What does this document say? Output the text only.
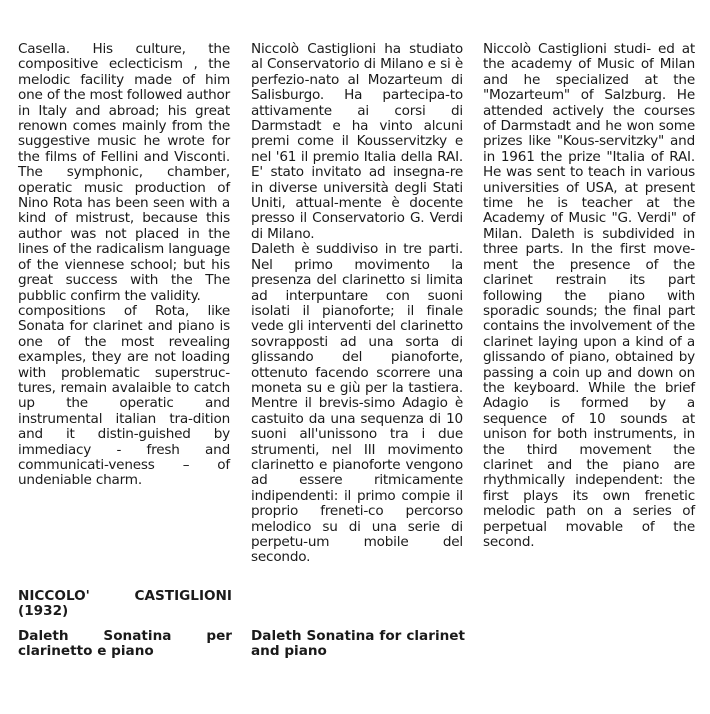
Casella. His culture, the compositive eclecticism , the melodic facility made of him one of the most followed author in Italy and abroad; his great renown comes mainly from the suggestive music he wrote for the films of Fellini and Visconti. The symphonic, chamber, operatic music production of Nino Rota has been seen with a kind of mistrust, because this author was not placed in the lines of the radicalism language of the viennese school; but his great success with the The pubblic confirm the validity.

compositions of Rota, like Sonata for clarinet and piano is one of the most revealing examples, they are not loading with problematic superstruc-tures, remain avalaible to catch up the operatic and instrumental italian tra-dition and it distin-guished by immediacy - fresh and communicati-veness – of undeniable charm.

NICCOLO' CASTIGLIONI (1932)
Daleth Sonatina per clarinetto e piano

Niccolò Castiglioni ha studiato al Conservatorio di Milano e si è perfezio-nato al Mozarteum di Salisburgo. Ha partecipa-to attivamente ai corsi di Darmstadt e ha vinto alcuni premi come il Kousservitzky e nel '61 il premio Italia della RAI. E' stato invitato ad insegna-re in diverse università degli Stati Uniti, attual-mente è docente presso il Conservatorio G. Verdi di Milano.

Daleth è suddiviso in tre parti. Nel primo movimento la presenza del clarinetto si limita ad interpuntare con suoni isolati il pianoforte; il finale vede gli interventi del clarinetto sovrapposti ad una sorta di glissando del pianoforte, ottenuto facendo scorrere una moneta su e giù per la tastiera. Mentre il brevis-simo Adagio è castuito da una sequenza di 10 suoni all'unissono tra i due strumenti, nel III movimento clarinetto e pianoforte vengono ad essere ritmicamente indipendenti: il primo compie il proprio freneti-co percorso melodico su di una serie di perpetu-um mobile del secondo.

Daleth Sonatina for clarinet and piano

Niccolò Castiglioni studi- ed at the academy of Music of Milan and he specialized at the "Mozarteum" of Salzburg. He attended actively the courses of Darmstadt and he won some prizes like "Kous-servitzky" and in 1961 the prize "Italia of RAI. He was sent to teach in various universities of USA, at present time he is teacher at the Academy of Music "G. Verdi" of Milan. Daleth is subdivided in three parts. In the first move-ment the presence of the clarinet restrain its part following the piano with sporadic sounds; the final part contains the involvement of the clarinet laying upon a kind of a glissando of piano, obtained by passing a coin up and down on the keyboard. While the brief Adagio is formed by a sequence of 10 sounds at unison for both instruments, in the third movement the clarinet and the piano are rhythmically independent: the first plays its own frenetic melodic path on a series of perpetual movable of the second.
